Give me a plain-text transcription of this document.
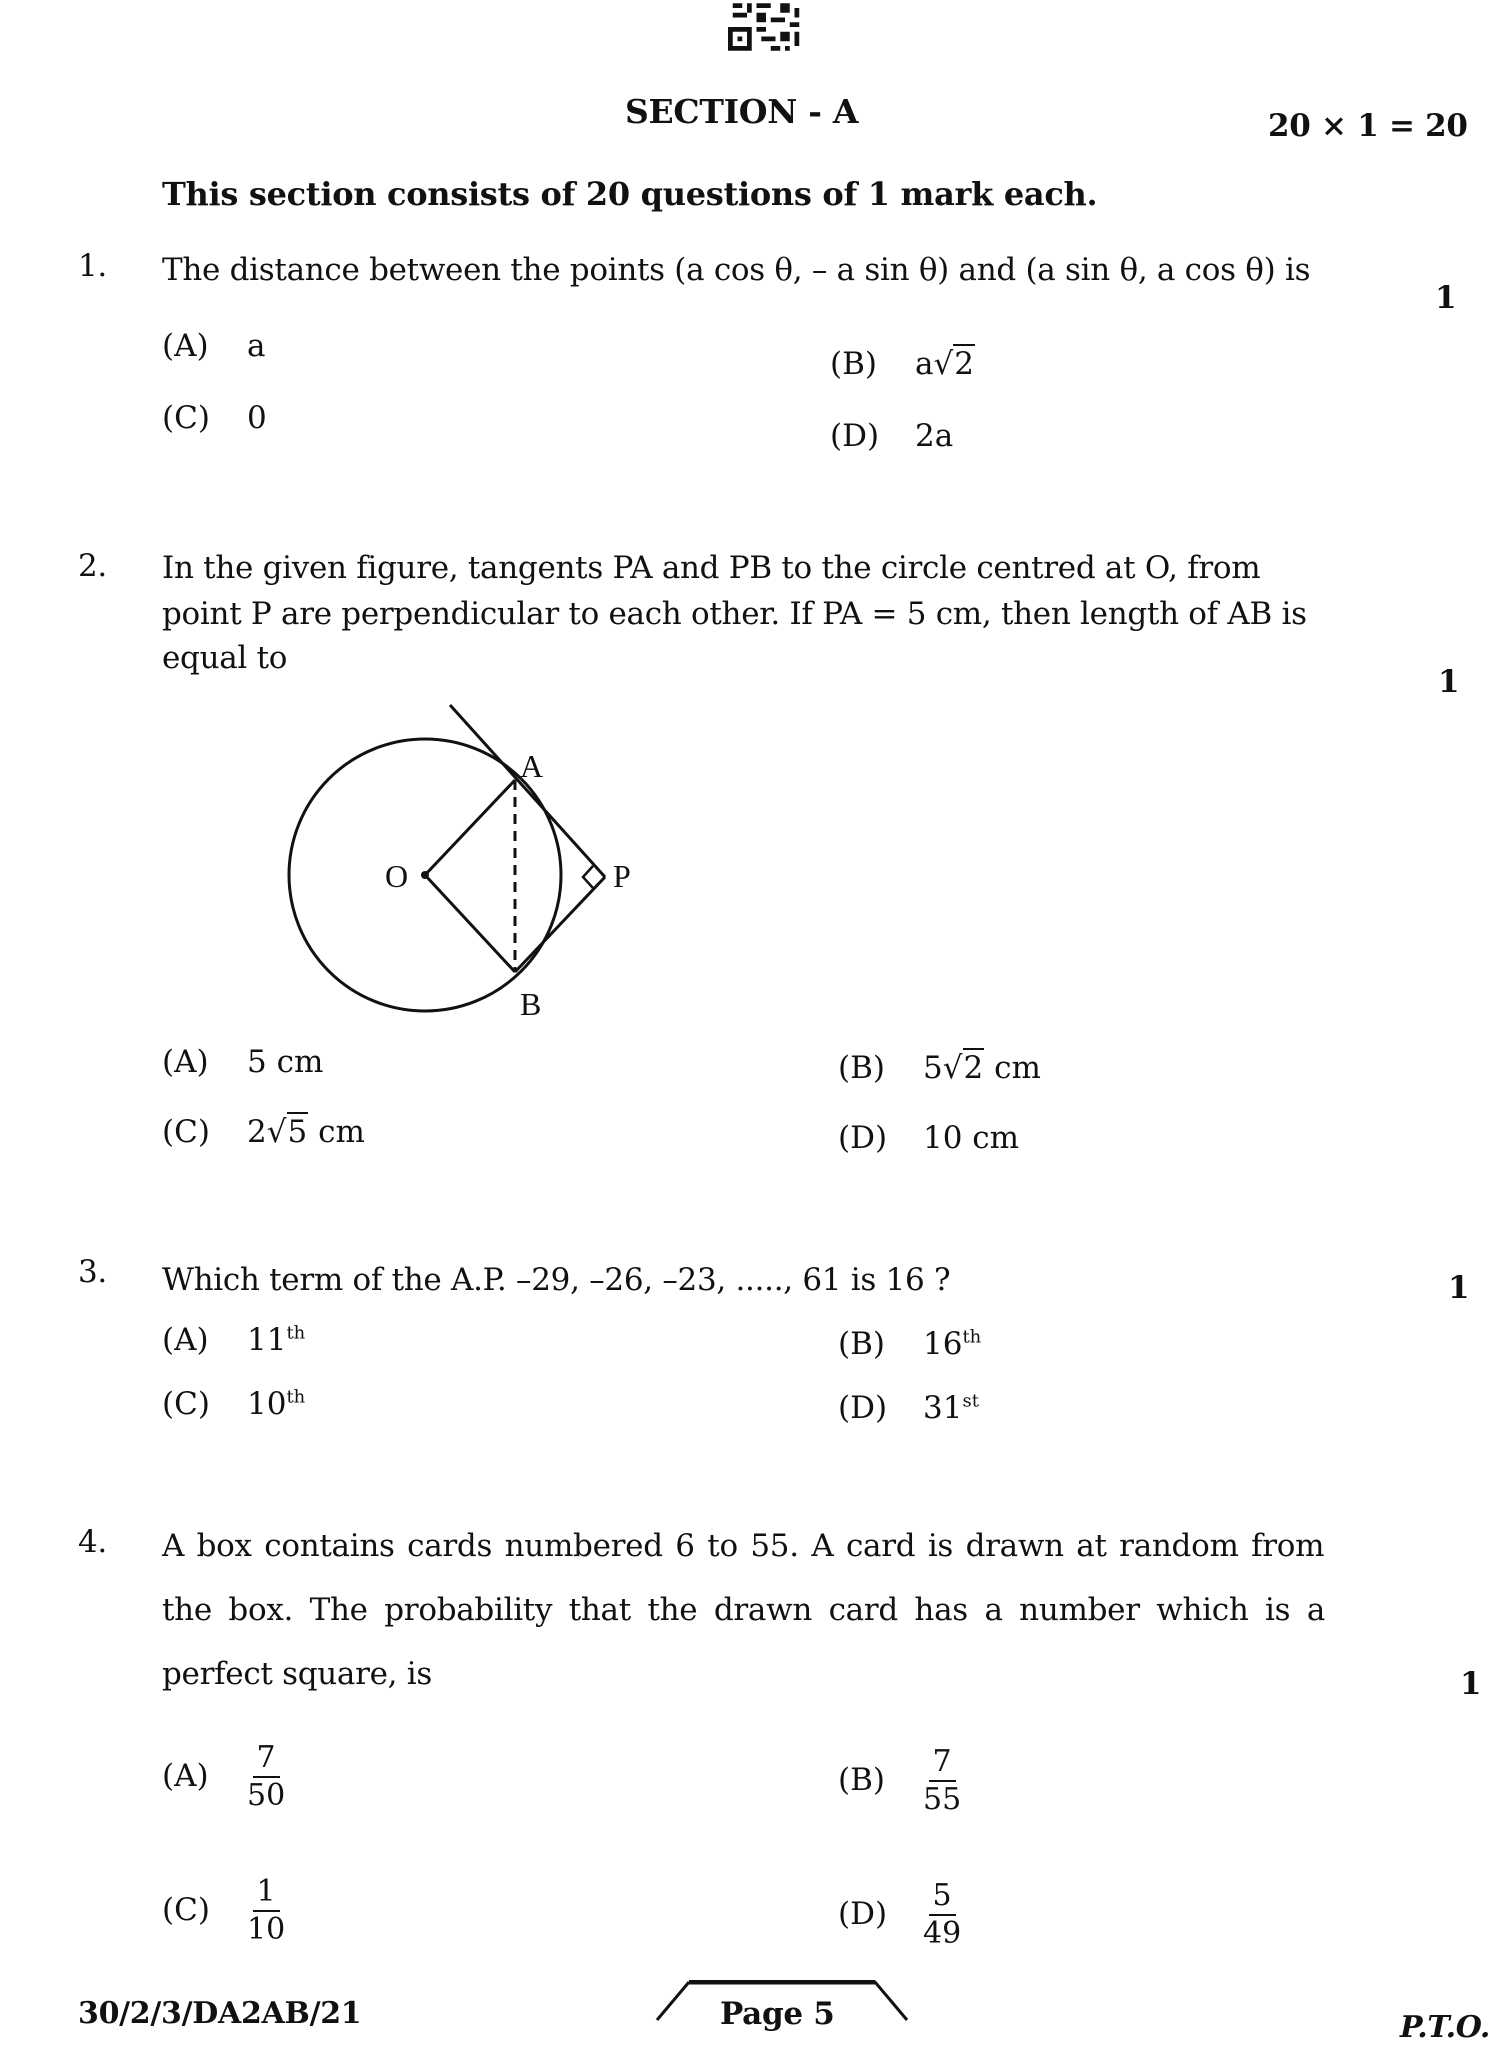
SECTION - A	20 × 1 = 20
This section consists of 20 questions of 1 mark each.
1. The distance between the points (a cos θ, – a sin θ) and (a sin θ, a cos θ) is
1
(A) a	(B) a√2
(C) 0	(D) 2a
2. In the given figure, tangents PA and PB to the circle centred at O, from
point P are perpendicular to each other. If PA = 5 cm, then length of AB is
equal to
1
A
B
O	P
(A) 5 cm	(B) 5√2 cm
(C) 2√5 cm	(D) 10 cm
3. Which term of the A.P. –29, –26, –23, ....., 61 is 16 ?	1
(A) 11th	(B) 16th
(C) 10th	(D) 31st
4. A box contains cards numbered 6 to 55. A card is drawn at random from
the box. The probability that the drawn card has a number which is a
perfect square, is	1
$(A) \frac{7}{50}$	$(B) \frac{7}{55}$
$(C) \frac{1}{10}$	$(D) \frac{5}{49}$
30/2/3/DA2AB/21	Page 5	P.T.O.
